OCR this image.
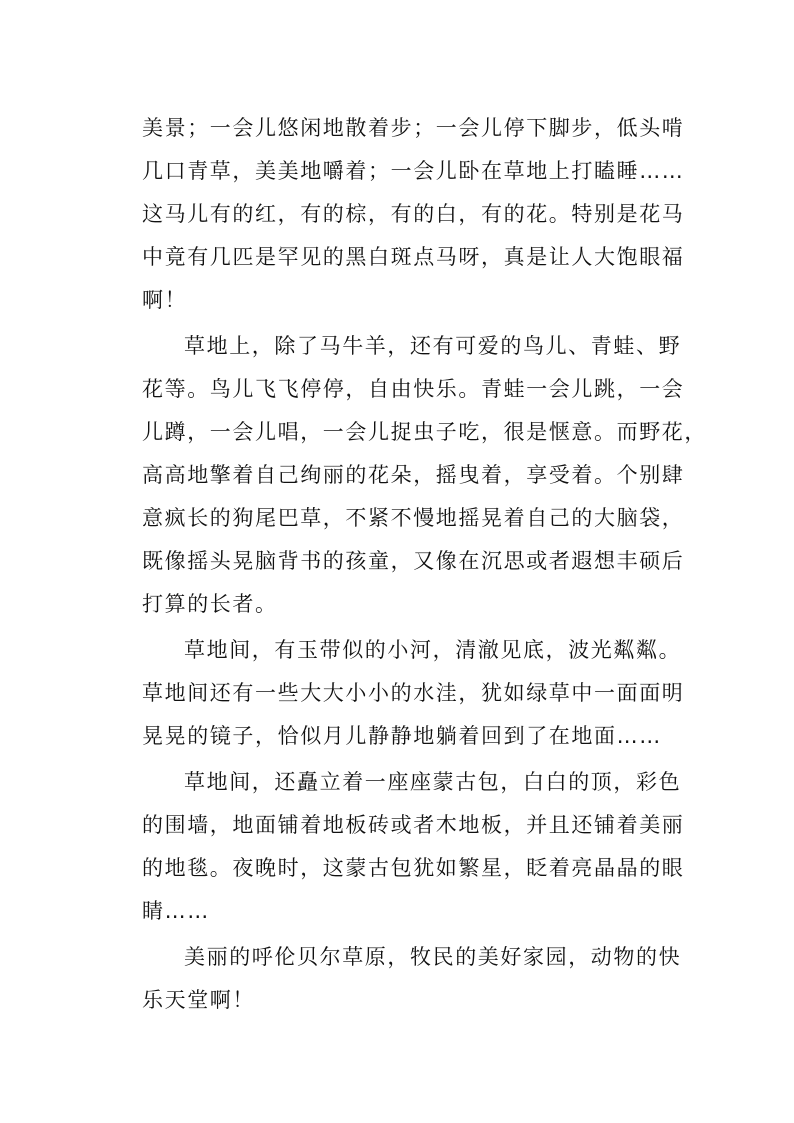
美景；一会儿悠闲地散着步；一会儿停下脚步，低头啃
几口青草，美美地嚼着；一会儿卧在草地上打瞌睡……
这马儿有的红，有的棕，有的白，有的花。特别是花马
中竟有几匹是罕见的黑白斑点马呀，真是让人大饱眼福
啊！
草地上，除了马牛羊，还有可爱的鸟儿、青蛙、野
花等。鸟儿飞飞停停，自由快乐。青蛙一会儿跳，一会
儿蹲，一会儿唱，一会儿捉虫子吃，很是惬意。而野花，
高高地擎着自己绚丽的花朵，摇曳着，享受着。个别肆
意疯长的狗尾巴草，不紧不慢地摇晃着自己的大脑袋，
既像摇头晃脑背书的孩童，又像在沉思或者遐想丰硕后
打算的长者。
草地间，有玉带似的小河，清澈见底，波光粼粼。
草地间还有一些大大小小的水洼，犹如绿草中一面面明
晃晃的镜子，恰似月儿静静地躺着回到了在地面……
草地间，还矗立着一座座蒙古包，白白的顶，彩色
的围墙，地面铺着地板砖或者木地板，并且还铺着美丽
的地毯。夜晚时，这蒙古包犹如繁星，眨着亮晶晶的眼
睛……
美丽的呼伦贝尔草原，牧民的美好家园，动物的快
乐天堂啊！
